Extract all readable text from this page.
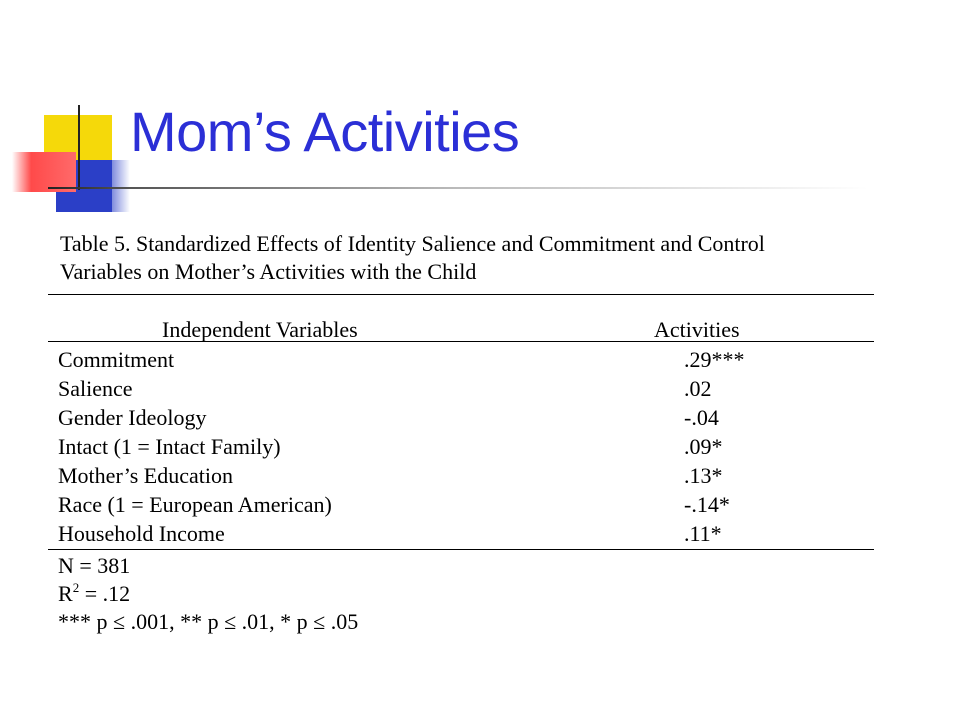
Mom’s Activities
Table 5. Standardized Effects of Identity Salience and Commitment and Control
Variables on Mother’s Activities with the Child
Independent Variables	Activities
Commitment	.29***
Salience	.02
Gender Ideology	-.04
Intact (1 = Intact Family)	.09*
Mother’s Education	.13*
Race (1 = European American)	-.14*
Household Income	.11*
N = 381
$R^2 = .12$
*** p ≤ .001, ** p ≤ .01, * p ≤ .05
